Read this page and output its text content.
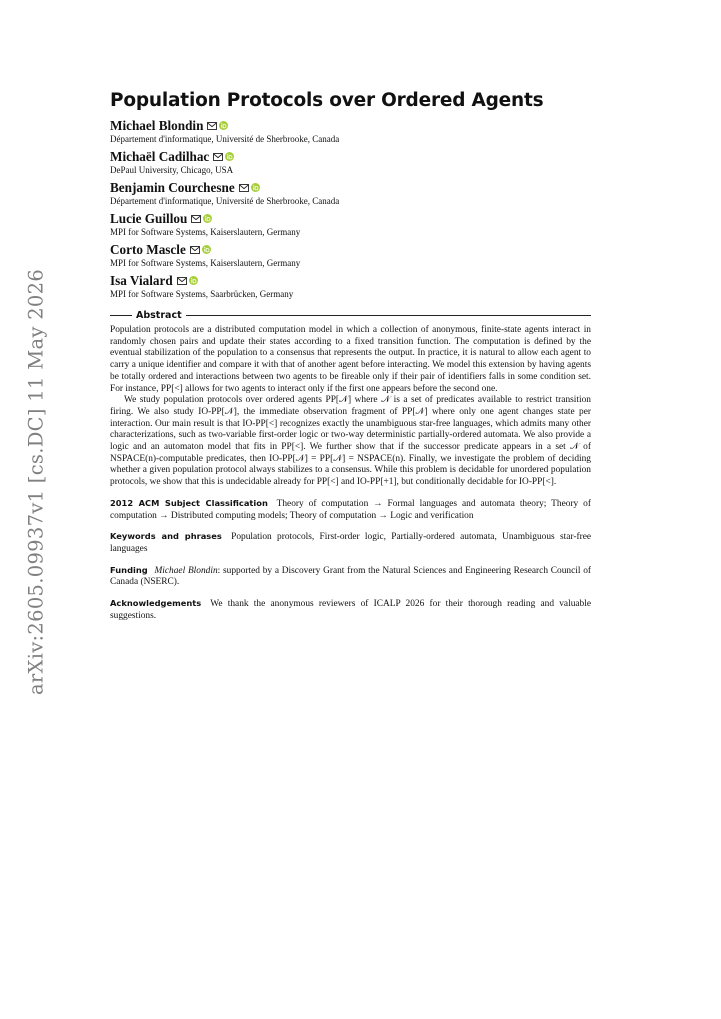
arXiv:2605.09937v1 [cs.DC] 11 May 2026
Population Protocols over Ordered Agents
Michael Blondin
Département d'informatique, Université de Sherbrooke, Canada
Michaël Cadilhac
DePaul University, Chicago, USA
Benjamin Courchesne
Département d'informatique, Université de Sherbrooke, Canada
Lucie Guillou
MPI for Software Systems, Kaiserslautern, Germany
Corto Mascle
MPI for Software Systems, Kaiserslautern, Germany
Isa Vialard
MPI for Software Systems, Saarbrücken, Germany
Abstract

Population protocols are a distributed computation model in which a collection of anonymous, finite-state agents interact in randomly chosen pairs and update their states according to a fixed transition function. The computation is defined by the eventual stabilization of the population to a consensus that represents the output. In practice, it is natural to allow each agent to carry a unique identifier and compare it with that of another agent before interacting. We model this extension by having agents be totally ordered and interactions between two agents to be fireable only if their pair of identifiers falls in some condition set. For instance, PP[<] allows for two agents to interact only if the first one appears before the second one.

We study population protocols over ordered agents PP[𝒩] where 𝒩 is a set of predicates available to restrict transition firing. We also study IO-PP[𝒩], the immediate observation fragment of PP[𝒩] where only one agent changes state per interaction. Our main result is that IO-PP[<] recognizes exactly the unambiguous star-free languages, which admits many other characterizations, such as two-variable first-order logic or two-way deterministic partially-ordered automata. We also provide a logic and an automaton model that fits in PP[<]. We further show that if the successor predicate appears in a set 𝒩 of NSPACE(n)-computable predicates, then IO-PP[𝒩] = PP[𝒩] = NSPACE(n). Finally, we investigate the problem of deciding whether a given population protocol always stabilizes to a consensus. While this problem is decidable for unordered population protocols, we show that this is undecidable already for PP[<] and IO-PP[+1], but conditionally decidable for IO-PP[<].

2012 ACM Subject Classification Theory of computation → Formal languages and automata theory; Theory of computation → Distributed computing models; Theory of computation → Logic and verification
Keywords and phrases Population protocols, First-order logic, Partially-ordered automata, Unambiguous star-free languages
Funding Michael Blondin: supported by a Discovery Grant from the Natural Sciences and Engineering Research Council of Canada (NSERC).
Acknowledgements We thank the anonymous reviewers of ICALP 2026 for their thorough reading and valuable suggestions.
